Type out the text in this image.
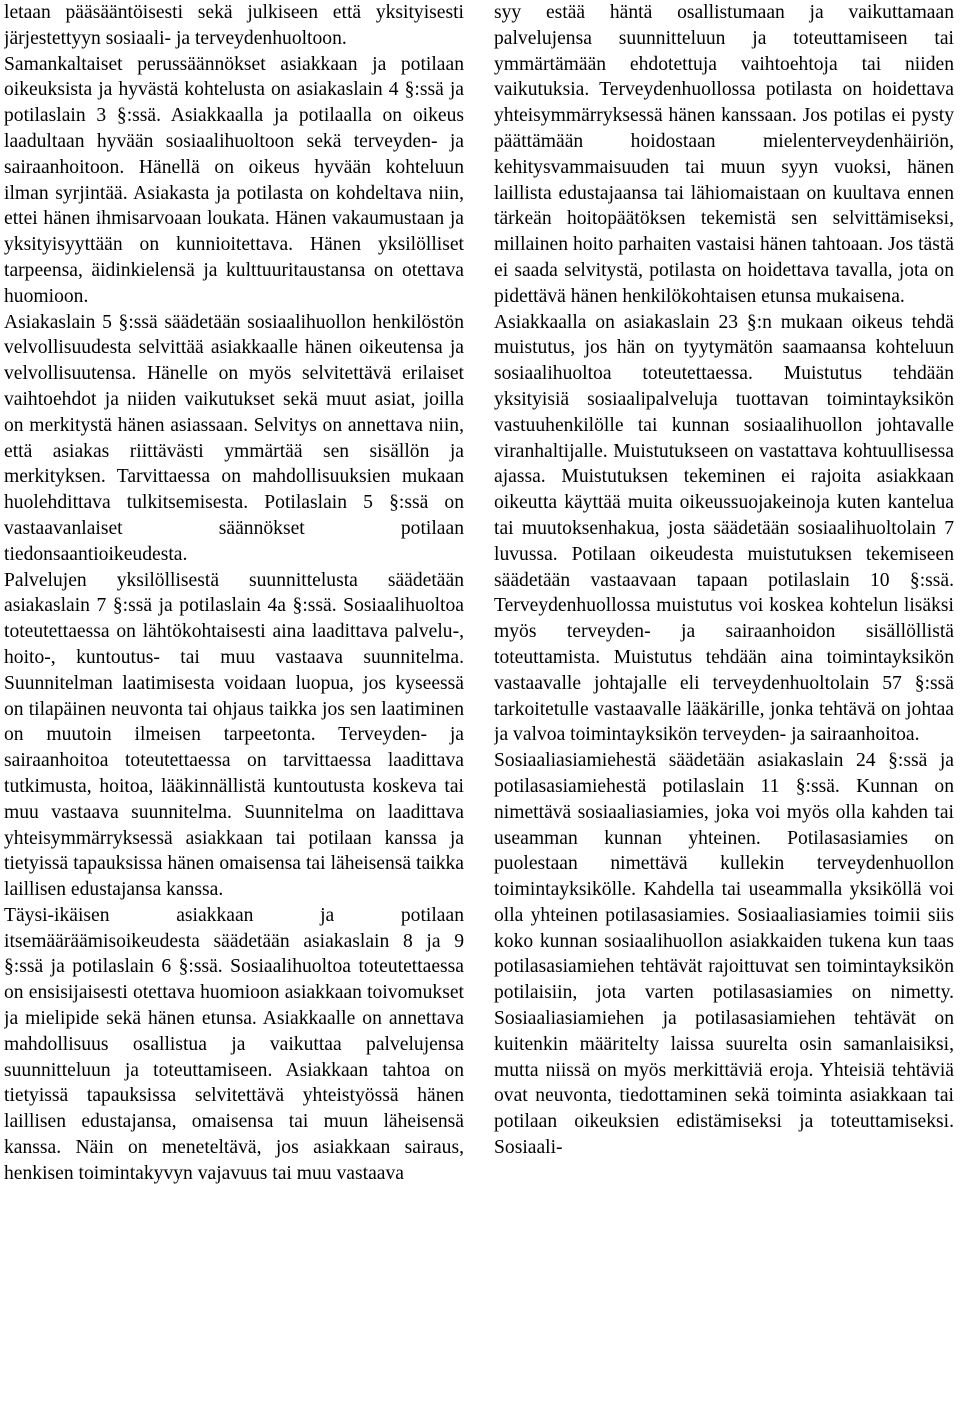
letaan pääsääntöisesti sekä julkiseen että yksityisesti järjestettyyn sosiaali- ja terveydenhuoltoon.

Samankaltaiset perussäännökset asiakkaan ja potilaan oikeuksista ja hyvästä kohtelusta on asiakaslain 4 §:ssä ja potilaslain 3 §:ssä. Asiakkaalla ja potilaalla on oikeus laadultaan hyvään sosiaalihuoltoon sekä terveyden- ja sairaanhoitoon. Hänellä on oikeus hyvään kohteluun ilman syrjintää. Asiakasta ja potilasta on kohdeltava niin, ettei hänen ihmisarvoaan loukata. Hänen vakaumustaan ja yksityisyyttään on kunnioitettava. Hänen yksilölliset tarpeensa, äidinkielensä ja kulttuuritaustansa on otettava huomioon.

Asiakaslain 5 §:ssä säädetään sosiaalihuollon henkilöstön velvollisuudesta selvittää asiakkaalle hänen oikeutensa ja velvollisuutensa. Hänelle on myös selvitettävä erilaiset vaihtoehdot ja niiden vaikutukset sekä muut asiat, joilla on merkitystä hänen asiassaan. Selvitys on annettava niin, että asiakas riittävästi ymmärtää sen sisällön ja merkityksen. Tarvittaessa on mahdollisuuksien mukaan huolehdittava tulkitsemisesta. Potilaslain 5 §:ssä on vastaavanlaiset säännökset potilaan tiedonsaantioikeudesta.

Palvelujen yksilöllisestä suunnittelusta säädetään asiakaslain 7 §:ssä ja potilaslain 4a §:ssä. Sosiaalihuoltoa toteutettaessa on lähtökohtaisesti aina laadittava palvelu-, hoito-, kuntoutus- tai muu vastaava suunnitelma. Suunnitelman laatimisesta voidaan luopua, jos kyseessä on tilapäinen neuvonta tai ohjaus taikka jos sen laatiminen on muutoin ilmeisen tarpeetonta. Terveyden- ja sairaanhoitoa toteutettaessa on tarvittaessa laadittava tutkimusta, hoitoa, lääkinnällistä kuntoutusta koskeva tai muu vastaava suunnitelma. Suunnitelma on laadittava yhteisymmärryksessä asiakkaan tai potilaan kanssa ja tietyissä tapauksissa hänen omaisensa tai läheisensä taikka laillisen edustajansa kanssa.

Täysi-ikäisen asiakkaan ja potilaan itsemääräämisoikeudesta säädetään asiakaslain 8 ja 9 §:ssä ja potilaslain 6 §:ssä. Sosiaalihuoltoa toteutettaessa on ensisijaisesti otettava huomioon asiakkaan toivomukset ja mielipide sekä hänen etunsa. Asiakkaalle on annettava mahdollisuus osallistua ja vaikuttaa palvelujensa suunnitteluun ja toteuttamiseen. Asiakkaan tahtoa on tietyissä tapauksissa selvitettävä yhteistyössä hänen laillisen edustajansa, omaisensa tai muun läheisensä kanssa. Näin on meneteltävä, jos asiakkaan sairaus, henkisen toimintakyvyn vajavuus tai muu vastaava

syy estää häntä osallistumaan ja vaikuttamaan palvelujensa suunnitteluun ja toteuttamiseen tai ymmärtämään ehdotettuja vaihtoehtoja tai niiden vaikutuksia. Terveydenhuollossa potilasta on hoidettava yhteisymmärryksessä hänen kanssaan. Jos potilas ei pysty päättämään hoidostaan mielenterveydenhäiriön, kehitysvammaisuuden tai muun syyn vuoksi, hänen laillista edustajaansa tai lähiomaistaan on kuultava ennen tärkeän hoitopäätöksen tekemistä sen selvittämiseksi, millainen hoito parhaiten vastaisi hänen tahtoaan. Jos tästä ei saada selvitystä, potilasta on hoidettava tavalla, jota on pidettävä hänen henkilökohtaisen etunsa mukaisena.

Asiakkaalla on asiakaslain 23 §:n mukaan oikeus tehdä muistutus, jos hän on tyytymätön saamaansa kohteluun sosiaalihuoltoa toteutettaessa. Muistutus tehdään yksityisiä sosiaalipalveluja tuottavan toimintayksikön vastuuhenkilölle tai kunnan sosiaalihuollon johtavalle viranhaltijalle. Muistutukseen on vastattava kohtuullisessa ajassa. Muistutuksen tekeminen ei rajoita asiakkaan oikeutta käyttää muita oikeussuojakeinoja kuten kantelua tai muutoksenhakua, josta säädetään sosiaalihuoltolain 7 luvussa. Potilaan oikeudesta muistutuksen tekemiseen säädetään vastaavaan tapaan potilaslain 10 §:ssä. Terveydenhuollossa muistutus voi koskea kohtelun lisäksi myös terveyden- ja sairaanhoidon sisällöllistä toteuttamista. Muistutus tehdään aina toimintayksikön vastaavalle johtajalle eli terveydenhuoltolain 57 §:ssä tarkoitetulle vastaavalle lääkärille, jonka tehtävä on johtaa ja valvoa toimintayksikön terveyden- ja sairaanhoitoa.

Sosiaaliasiamiehestä säädetään asiakaslain 24 §:ssä ja potilasasiamiehestä potilaslain 11 §:ssä. Kunnan on nimettävä sosiaaliasiamies, joka voi myös olla kahden tai useamman kunnan yhteinen. Potilasasiamies on puolestaan nimettävä kullekin terveydenhuollon toimintayksikölle. Kahdella tai useammalla yksiköllä voi olla yhteinen potilasasiamies. Sosiaaliasiamies toimii siis koko kunnan sosiaalihuollon asiakkaiden tukena kun taas potilasasiamiehen tehtävät rajoittuvat sen toimintayksikön potilaisiin, jota varten potilasasiamies on nimetty. Sosiaaliasiamiehen ja potilasasiamiehen tehtävät on kuitenkin määritelty laissa suurelta osin samanlaisiksi, mutta niissä on myös merkittäviä eroja. Yhteisiä tehtäviä ovat neuvonta, tiedottaminen sekä toiminta asiakkaan tai potilaan oikeuksien edistämiseksi ja toteuttamiseksi. Sosiaali-
